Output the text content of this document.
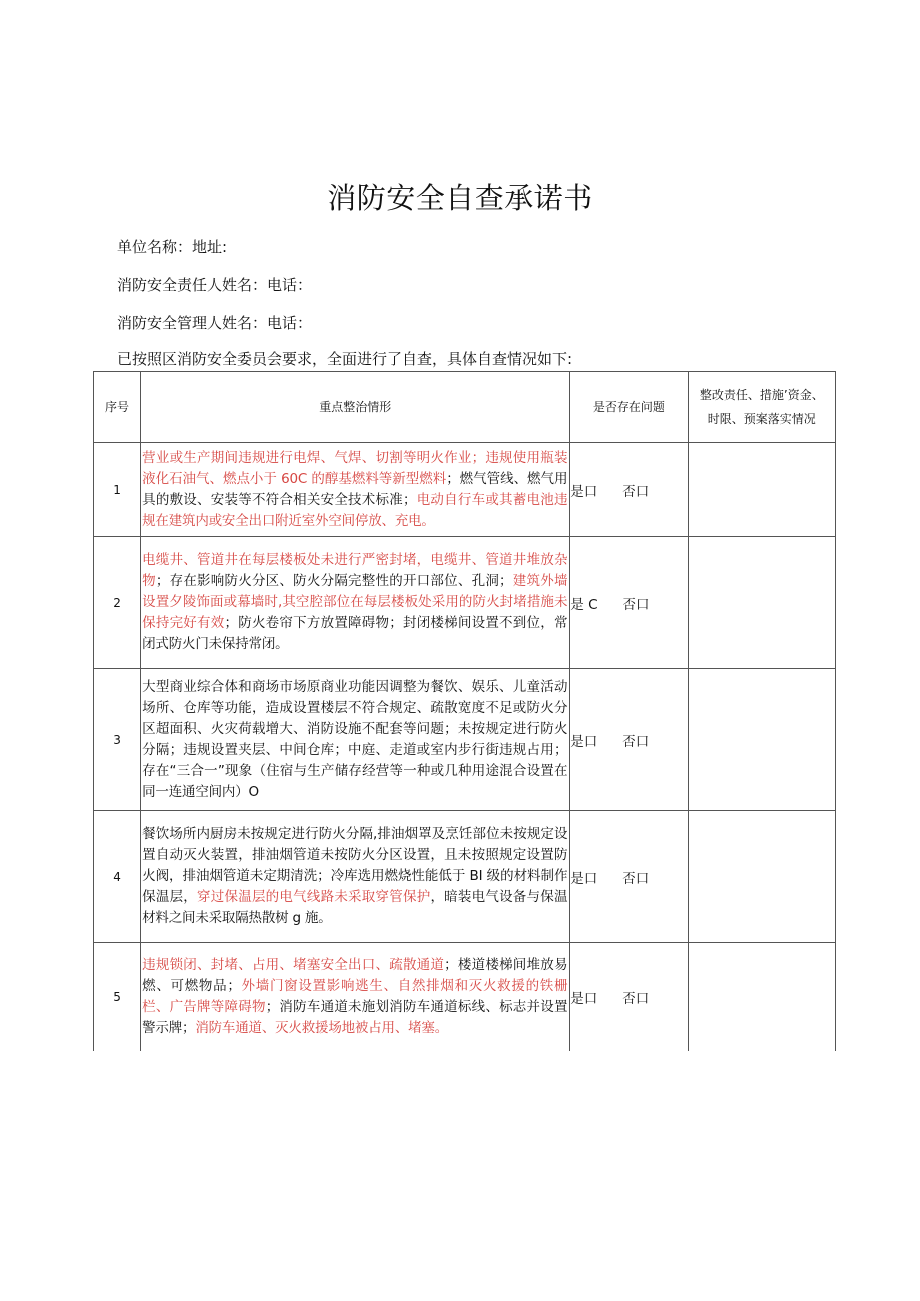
消防安全自查承诺书
单位名称：地址:
消防安全责任人姓名：电话：
消防安全管理人姓名：电话：
已按照区消防安全委员会要求，全面进行了自查，具体自查情况如下:
序号	重点整治情形	是否存在问题	整改责任、措施’资金、
时限、预案落实情况

1	营业或生产期间违规进行电焊、气焊、切割等明火作业；违规使用瓶装液化石油气、燃点小于 60C 的醇基燃料等新型燃料；燃气管线、燃气用具的敷设、安装等不符合相关安全技术标准；电动自行车或其蓄电池违规在建筑内或安全出口附近室外空间停放、充电。	是口 否口	
2	电缆井、管道井在每层楼板处未进行严密封堵，电缆井、管道井堆放杂物；存在影响防火分区、防火分隔完整性的开口部位、孔洞；建筑外墙设置夕陵饰面或幕墙时,其空腔部位在每层楼板处采用的防火封堵措施未保持完好有效；防火卷帘下方放置障碍物；封闭楼梯间设置不到位，常闭式防火门未保持常闭。	是 C 否口	
3	大型商业综合体和商场市场原商业功能因调整为餐饮、娱乐、儿童活动场所、仓库等功能，造成设置楼层不符合规定、疏散宽度不足或防火分区超面积、火灾荷载增大、消防设施不配套等问题；未按规定进行防火分隔；违规设置夹层、中间仓库；中庭、走道或室内步行街违规占用；存在“三合一”现象（住宿与生产储存经营等一种或几种用途混合设置在同一连通空间内）O	是口 否口	
4	餐饮场所内厨房未按规定进行防火分隔,排油烟罩及烹饪部位未按规定设置自动灭火装置，排油烟管道未按防火分区设置，且未按照规定设置防火阀，排油烟管道未定期清洗；冷库选用燃烧性能低于 BI 级的材料制作保温层，穿过保温层的电气线路未采取穿管保护，暗装电气设备与保温材料之间未采取隔热散树 g 施。	是口 否口	
5	违规锁闭、封堵、占用、堵塞安全出口、疏散通道；楼道楼梯间堆放易燃、可燃物品；外墙门窗设置影响逃生、自然排烟和灭火救援的铁栅栏、广告牌等障碍物；消防车通道未施划消防车通道标线、标志并设置警示牌；消防车通道、灭火救援场地被占用、堵塞。	是口 否口	
